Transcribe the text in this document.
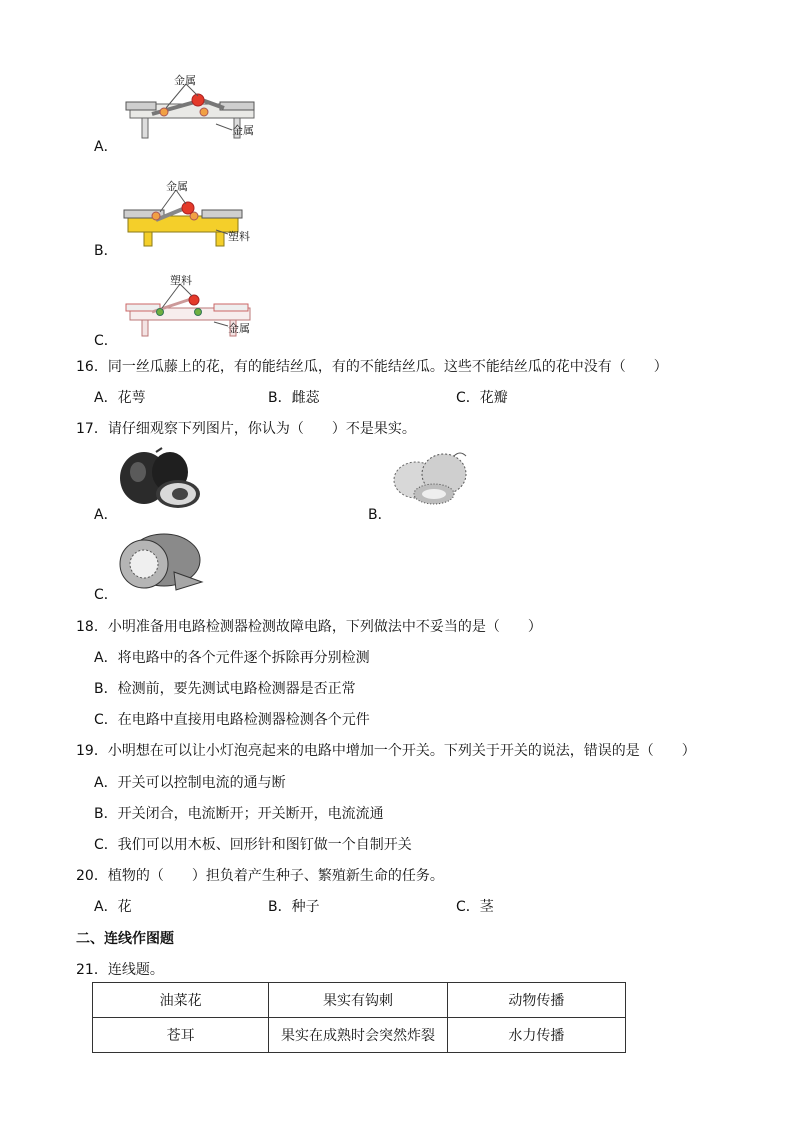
A．
金属
金属
B．
金属
塑料
C．
塑料
金属
16．同一丝瓜藤上的花，有的能结丝瓜，有的不能结丝瓜。这些不能结丝瓜的花中没有（　　）
A．花萼	B．雌蕊	C．花瓣
17．请仔细观察下列图片，你认为（　　）不是果实。
A．	B．
C．
18．小明准备用电路检测器检测故障电路，下列做法中不妥当的是（　　）
A．将电路中的各个元件逐个拆除再分别检测
B．检测前，要先测试电路检测器是否正常
C．在电路中直接用电路检测器检测各个元件
19．小明想在可以让小灯泡亮起来的电路中增加一个开关。下列关于开关的说法，错误的是（　　）
A．开关可以控制电流的通与断
B．开关闭合，电流断开；开关断开，电流流通
C．我们可以用木板、回形针和图钉做一个自制开关
20．植物的（　　）担负着产生种子、繁殖新生命的任务。
A．花	B．种子	C．茎
二、连线作图题
21．连线题。
油菜花	果实有钩刺	动物传播
苍耳	果实在成熟时会突然炸裂	水力传播
